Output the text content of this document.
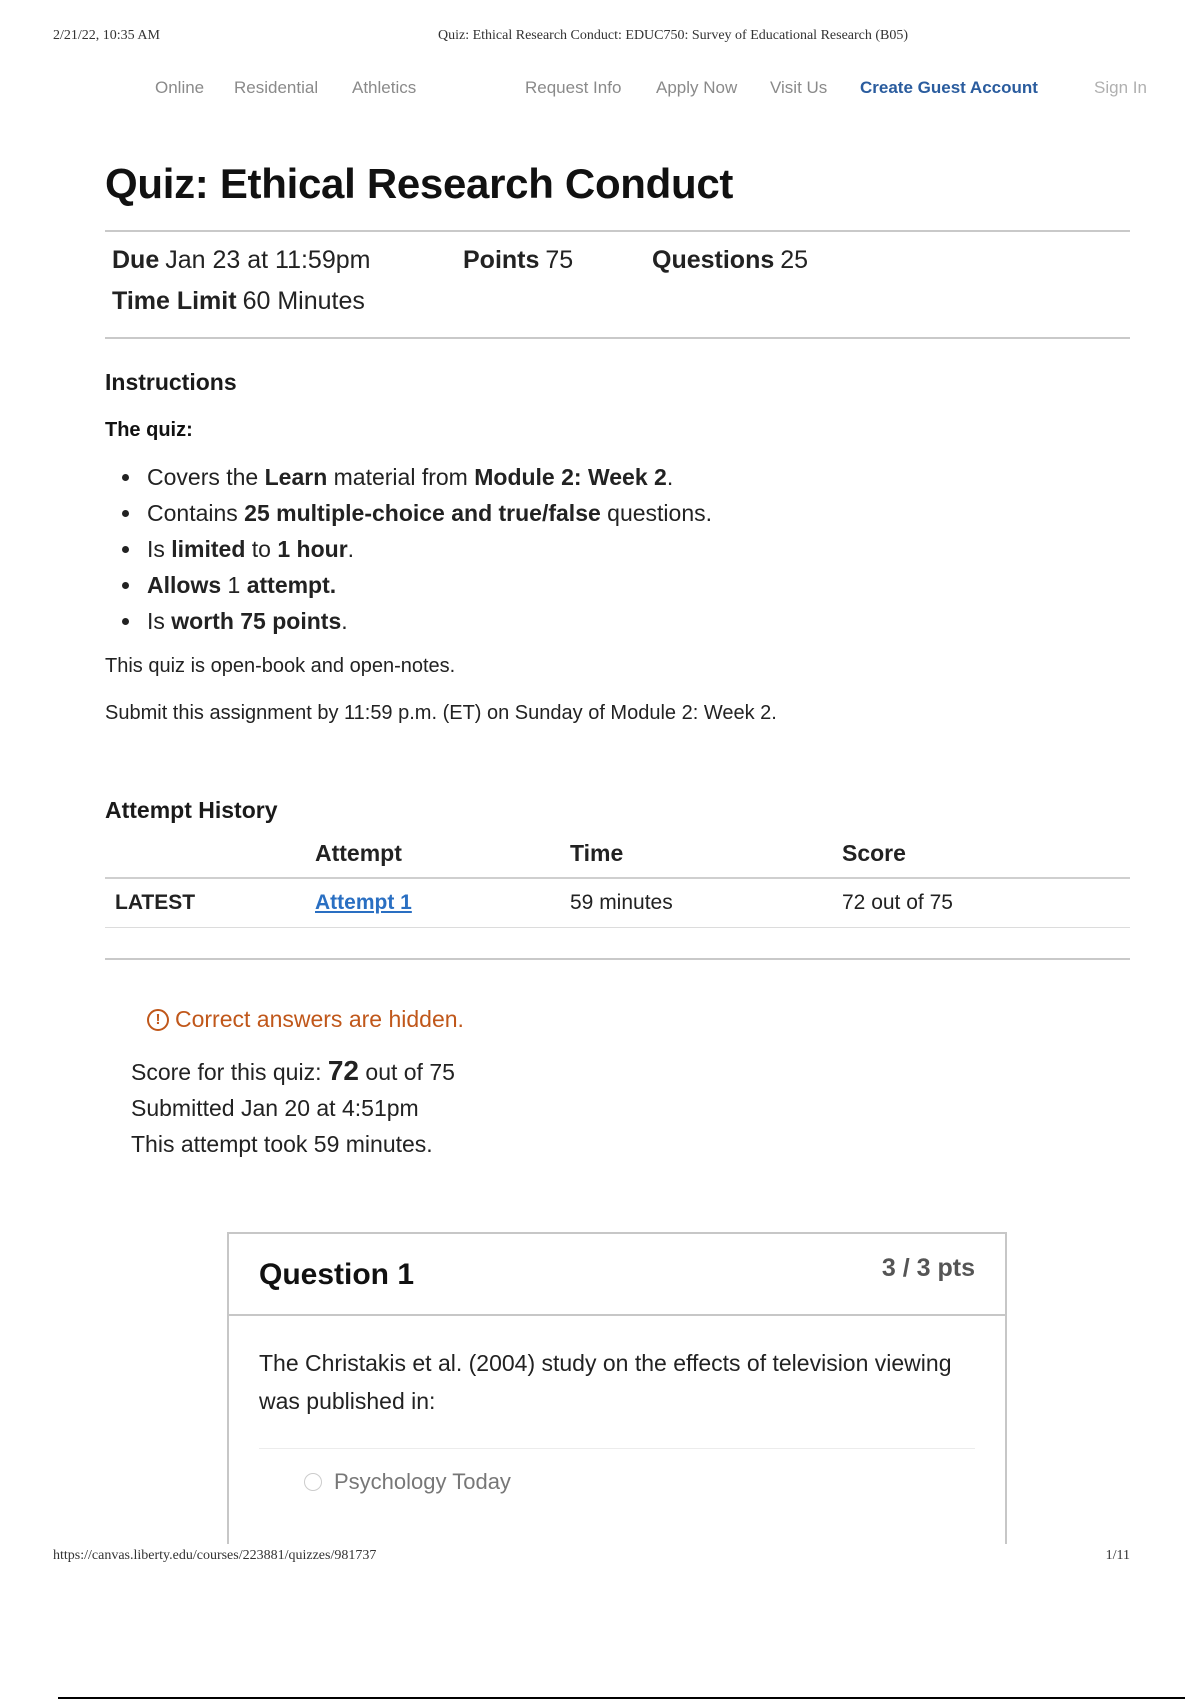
2/21/22, 10:35 AM	Quiz: Ethical Research Conduct: EDUC750: Survey of Educational Research (B05)
Online Residential Athletics	Request Info Apply Now Visit Us Create Guest Account	Sign In
Quiz: Ethical Research Conduct
Due Jan 23 at 11:59pm	Points 75	Questions 25
Time Limit 60 Minutes
Instructions
The quiz:
• Covers the Learn material from Module 2: Week 2.
• Contains 25 multiple-choice and true/false questions.
• Is limited to 1 hour.
• Allows 1 attempt.
• Is worth 75 points.

This quiz is open-book and open-notes.

Submit this assignment by 11:59 p.m. (ET) on Sunday of Module 2: Week 2.

Attempt History
	Attempt	Time	Score
LATEST	Attempt 1	59 minutes	72 out of 75
! Correct answers are hidden.
Score for this quiz: 72 out of 75
Submitted Jan 20 at 4:51pm
This attempt took 59 minutes.
Question 1	3 / 3 pts
The Christakis et al. (2004) study on the effects of television viewing was published in:
Psychology Today
https://canvas.liberty.edu/courses/223881/quizzes/981737	1/11
